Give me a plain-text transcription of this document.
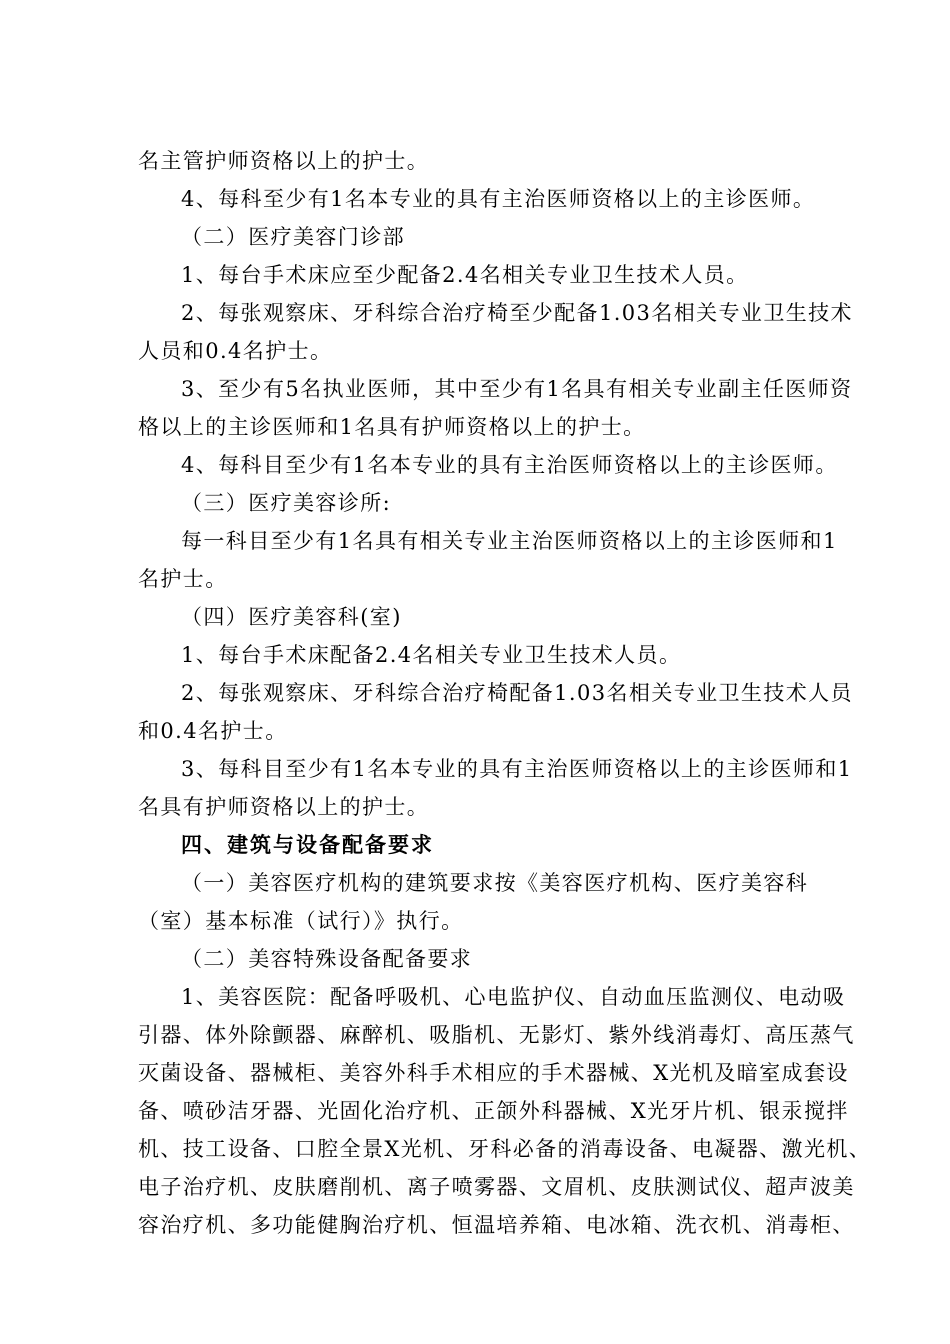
名主管护师资格以上的护士。
4、每科至少有1名本专业的具有主治医师资格以上的主诊医师。
（二）医疗美容门诊部
1、每台手术床应至少配备2.4名相关专业卫生技术人员。
2、每张观察床、牙科综合治疗椅至少配备1.03名相关专业卫生技术
人员和0.4名护士。
3、至少有5名执业医师，其中至少有1名具有相关专业副主任医师资
格以上的主诊医师和1名具有护师资格以上的护士。
4、每科目至少有1名本专业的具有主治医师资格以上的主诊医师。
（三）医疗美容诊所:
每一科目至少有1名具有相关专业主治医师资格以上的主诊医师和1
名护士。
（四）医疗美容科(室)
1、每台手术床配备2.4名相关专业卫生技术人员。
2、每张观察床、牙科综合治疗椅配备1.03名相关专业卫生技术人员
和0.4名护士。
3、每科目至少有1名本专业的具有主治医师资格以上的主诊医师和1
名具有护师资格以上的护士。
四、建筑与设备配备要求
（一）美容医疗机构的建筑要求按《美容医疗机构、医疗美容科
（室）基本标准（试行）》执行。
（二）美容特殊设备配备要求
1、美容医院：配备呼吸机、心电监护仪、自动血压监测仪、电动吸
引器、体外除颤器、麻醉机、吸脂机、无影灯、紫外线消毒灯、高压蒸气
灭菌设备、器械柜、美容外科手术相应的手术器械、X光机及暗室成套设
备、喷砂洁牙器、光固化治疗机、正颌外科器械、X光牙片机、银汞搅拌
机、技工设备、口腔全景X光机、牙科必备的消毒设备、电凝器、激光机、
电子治疗机、皮肤磨削机、离子喷雾器、文眉机、皮肤测试仪、超声波美
容治疗机、多功能健胸治疗机、恒温培养箱、电冰箱、洗衣机、消毒柜、
